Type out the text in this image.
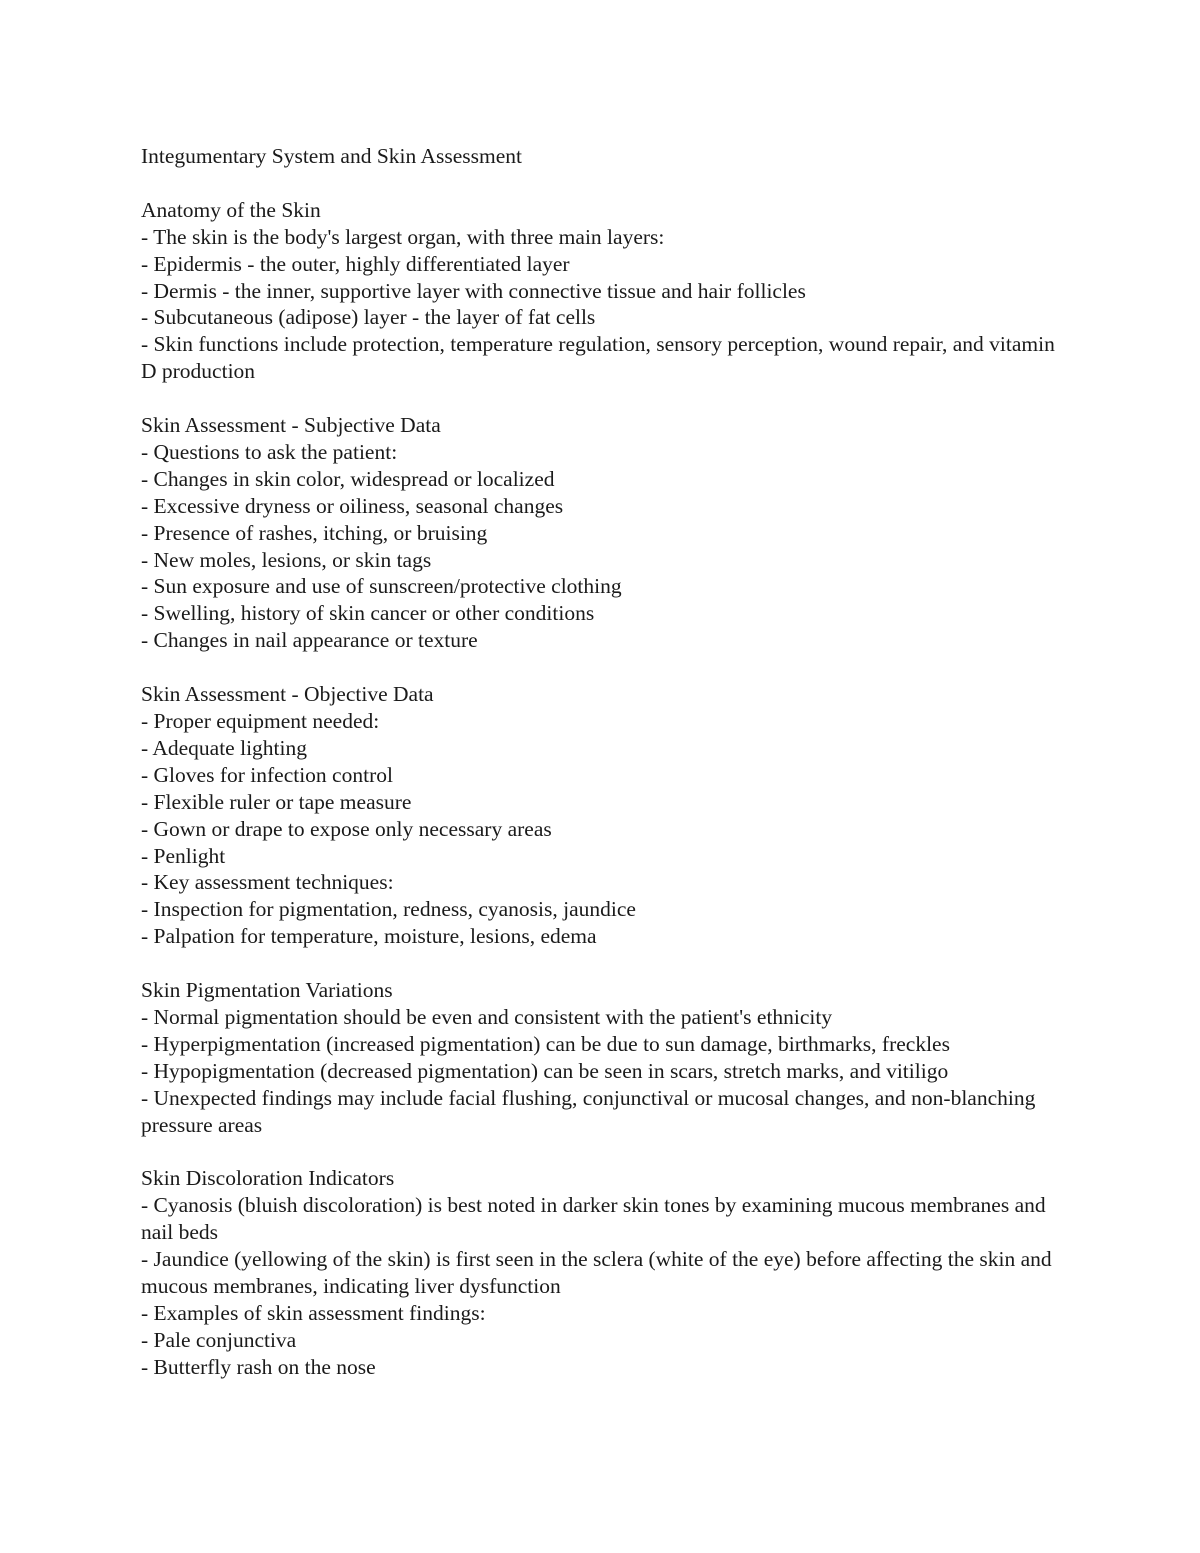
Integumentary System and Skin Assessment
Anatomy of the Skin

- The skin is the body's largest organ, with three main layers:

- Epidermis - the outer, highly differentiated layer

- Dermis - the inner, supportive layer with connective tissue and hair follicles

- Subcutaneous (adipose) layer - the layer of fat cells

- Skin functions include protection, temperature regulation, sensory perception, wound repair, and vitamin D production

Skin Assessment - Subjective Data

- Questions to ask the patient:

- Changes in skin color, widespread or localized

- Excessive dryness or oiliness, seasonal changes

- Presence of rashes, itching, or bruising

- New moles, lesions, or skin tags

- Sun exposure and use of sunscreen/protective clothing

- Swelling, history of skin cancer or other conditions

- Changes in nail appearance or texture

Skin Assessment - Objective Data

- Proper equipment needed:

- Adequate lighting

- Gloves for infection control

- Flexible ruler or tape measure

- Gown or drape to expose only necessary areas

- Penlight

- Key assessment techniques:

- Inspection for pigmentation, redness, cyanosis, jaundice

- Palpation for temperature, moisture, lesions, edema

Skin Pigmentation Variations

- Normal pigmentation should be even and consistent with the patient's ethnicity

- Hyperpigmentation (increased pigmentation) can be due to sun damage, birthmarks, freckles

- Hypopigmentation (decreased pigmentation) can be seen in scars, stretch marks, and vitiligo

- Unexpected findings may include facial flushing, conjunctival or mucosal changes, and non-blanching pressure areas

Skin Discoloration Indicators

- Cyanosis (bluish discoloration) is best noted in darker skin tones by examining mucous membranes and nail beds

- Jaundice (yellowing of the skin) is first seen in the sclera (white of the eye) before affecting the skin and mucous membranes, indicating liver dysfunction

- Examples of skin assessment findings:

- Pale conjunctiva

- Butterfly rash on the nose
